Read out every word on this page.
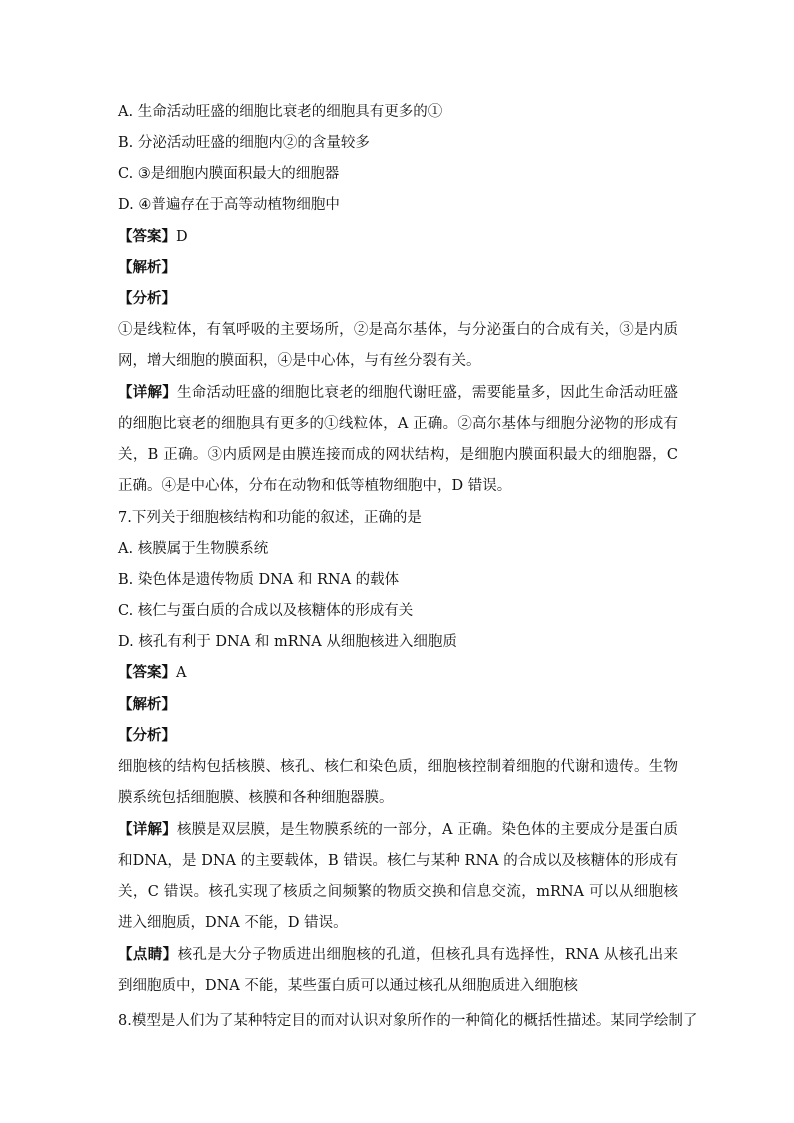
A. 生命活动旺盛的细胞比衰老的细胞具有更多的①
B. 分泌活动旺盛的细胞内②的含量较多
C. ③是细胞内膜面积最大的细胞器
D. ④普遍存在于高等动植物细胞中
【答案】D
【解析】
【分析】
①是线粒体，有氧呼吸的主要场所，②是高尔基体，与分泌蛋白的合成有关，③是内质网，增大细胞的膜面积，④是中心体，与有丝分裂有关。
【详解】生命活动旺盛的细胞比衰老的细胞代谢旺盛，需要能量多，因此生命活动旺盛的细胞比衰老的细胞具有更多的①线粒体，A 正确。②高尔基体与细胞分泌物的形成有关，B 正确。③内质网是由膜连接而成的网状结构，是细胞内膜面积最大的细胞器，C 正确。④是中心体，分布在动物和低等植物细胞中，D 错误。
7.下列关于细胞核结构和功能的叙述，正确的是
A. 核膜属于生物膜系统
B. 染色体是遗传物质 DNA 和 RNA 的载体
C. 核仁与蛋白质的合成以及核糖体的形成有关
D. 核孔有利于 DNA 和 mRNA 从细胞核进入细胞质
【答案】A
【解析】
【分析】
细胞核的结构包括核膜、核孔、核仁和染色质，细胞核控制着细胞的代谢和遗传。生物膜系统包括细胞膜、核膜和各种细胞器膜。
【详解】核膜是双层膜，是生物膜系统的一部分，A 正确。染色体的主要成分是蛋白质和DNA，是 DNA 的主要载体，B 错误。核仁与某种 RNA 的合成以及核糖体的形成有关，C 错误。核孔实现了核质之间频繁的物质交换和信息交流，mRNA 可以从细胞核进入细胞质，DNA 不能，D 错误。
【点睛】核孔是大分子物质进出细胞核的孔道，但核孔具有选择性，RNA 从核孔出来到细胞质中，DNA 不能，某些蛋白质可以通过核孔从细胞质进入细胞核
8.模型是人们为了某种特定目的而对认识对象所作的一种简化的概括性描述。某同学绘制了
